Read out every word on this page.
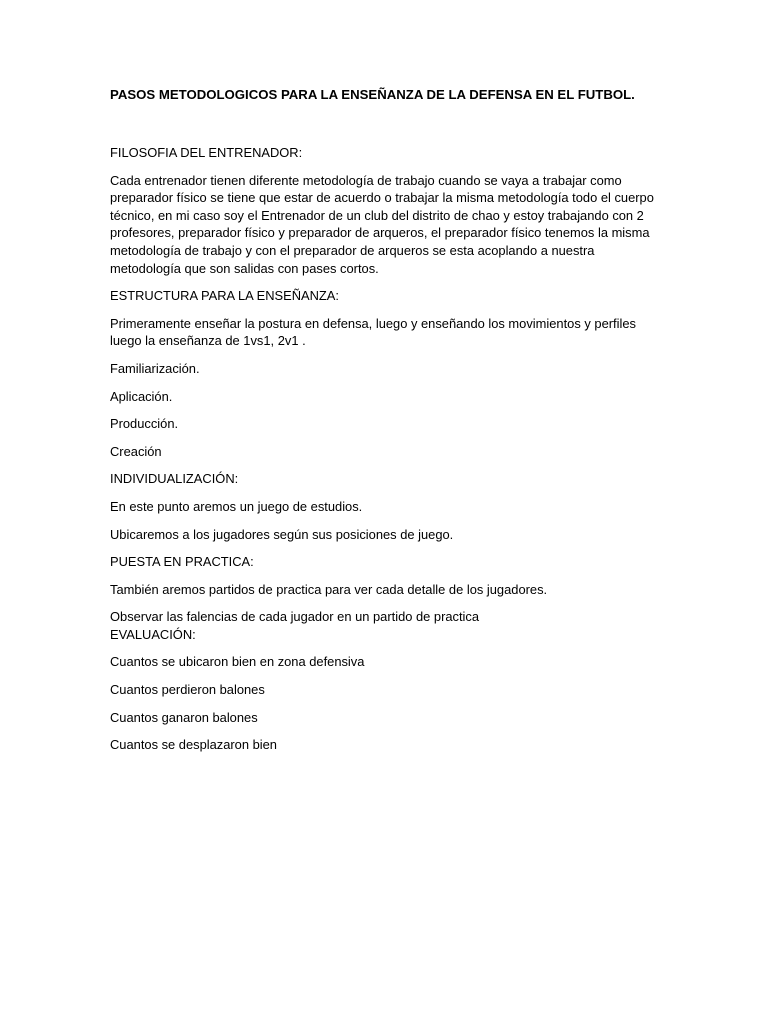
PASOS METODOLOGICOS PARA LA ENSEÑANZA DE LA DEFENSA EN EL FUTBOL.

FILOSOFIA DEL ENTRENADOR:

Cada entrenador tienen diferente metodología de trabajo cuando se vaya a trabajar como preparador físico se tiene que estar de acuerdo o trabajar la misma metodología todo el cuerpo técnico, en mi caso soy el Entrenador de un club del distrito de chao y estoy trabajando con 2 profesores, preparador físico y preparador de arqueros, el preparador físico tenemos la misma metodología de trabajo y con el preparador de arqueros se esta acoplando a nuestra metodología que son salidas con pases cortos.

ESTRUCTURA PARA LA ENSEÑANZA:

Primeramente enseñar la postura en defensa, luego y enseñando los movimientos y perfiles luego la enseñanza de 1vs1, 2v1 .

Familiarización.

Aplicación.

Producción.

Creación

INDIVIDUALIZACIÓN:

En este punto aremos un juego de estudios.

Ubicaremos a los jugadores según sus posiciones de juego.

PUESTA EN PRACTICA:

También aremos partidos de practica para ver cada detalle de los jugadores.

Observar las falencias de cada jugador en un partido de practica

EVALUACIÓN:

Cuantos se ubicaron bien en zona defensiva

Cuantos perdieron balones

Cuantos ganaron balones

Cuantos se desplazaron bien
